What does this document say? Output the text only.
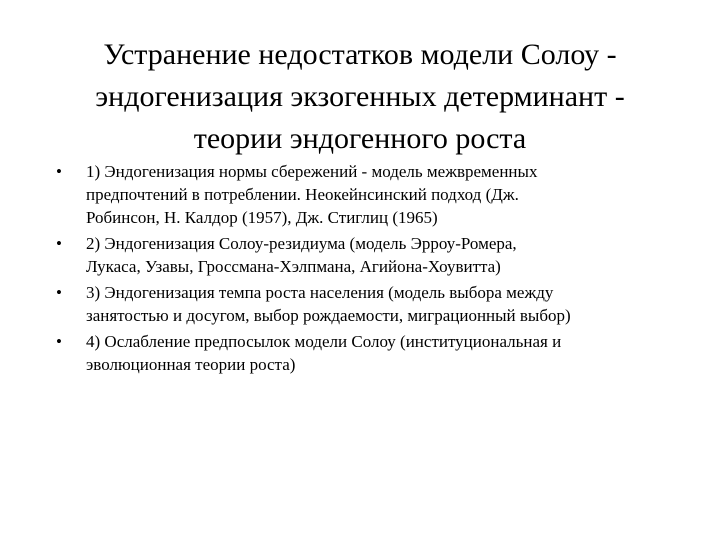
Устранение недостатков модели Солоу -
эндогенизация экзогенных детерминант -
теории эндогенного роста
•	1) Эндогенизация нормы сбережений - модель межвременных
предпочтений в потреблении. Неокейнсинский подход (Дж.
Робинсон, Н. Калдор (1957), Дж. Стиглиц (1965)
•	2) Эндогенизация Солоу-резидиума (модель Эрроу-Ромера,
Лукаса, Узавы, Гроссмана-Хэлпмана, Агийона-Хоувитта)
•	3) Эндогенизация темпа роста населения (модель выбора между
занятостью и досугом, выбор рождаемости, миграционный выбор)
•	4) Ослабление предпосылок модели Солоу (институциональная и
эволюционная теории роста)
